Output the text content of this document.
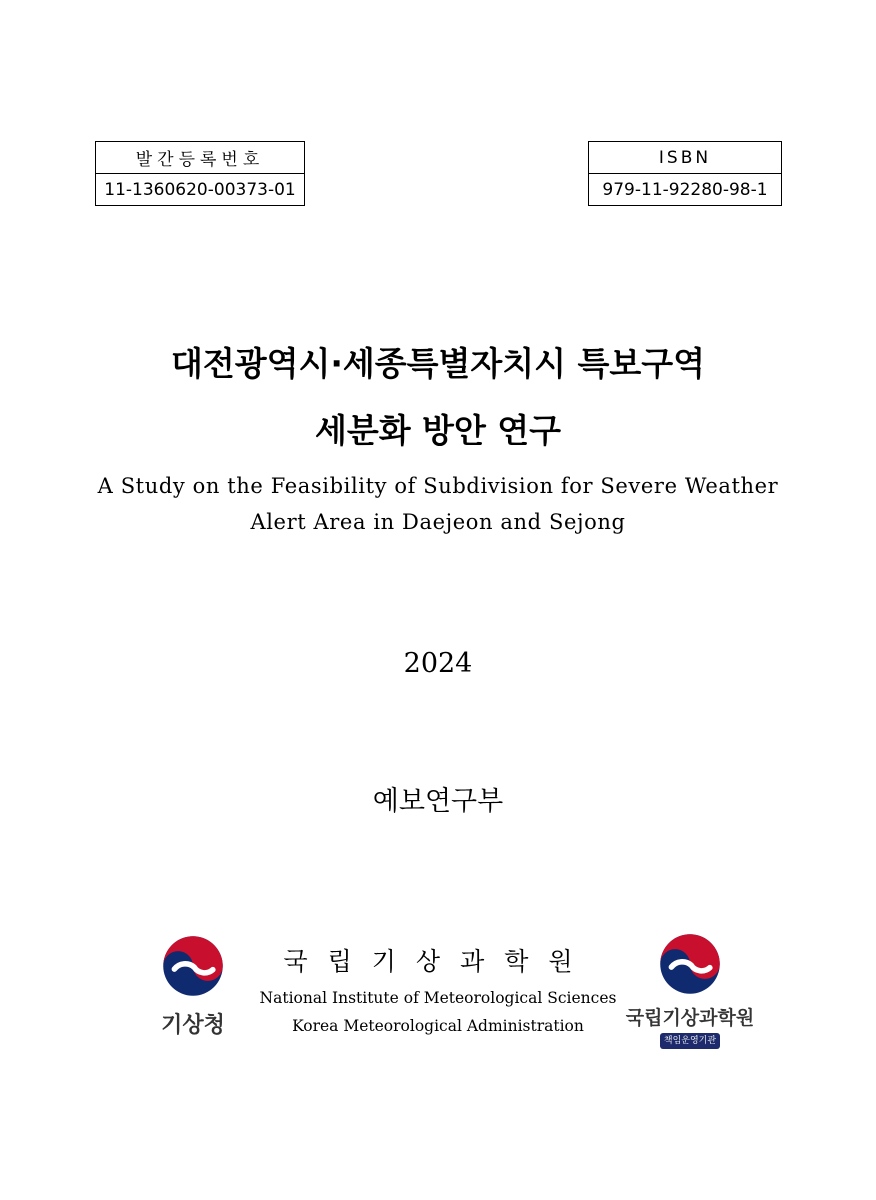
발간등록번호
11-1360620-00373-01
ISBN
979-11-92280-98-1
대전광역시·세종특별자치시 특보구역
세분화 방안 연구
A Study on the Feasibility of Subdivision for Severe Weather
Alert Area in Daejeon and Sejong
2024
예보연구부
기상청
국립기상과학원
National Institute of Meteorological Sciences
Korea Meteorological Administration	국립기상과학원
책임운영기관
